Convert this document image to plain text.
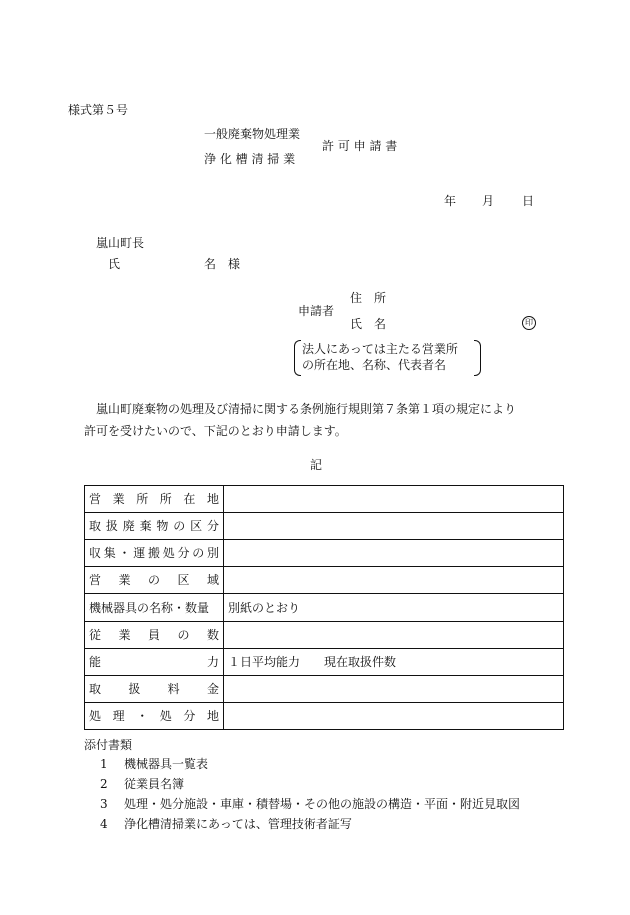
様式第５号
一般廃棄物処理業
浄 化 槽 清 掃 業
許 可 申 請 書
年 月 日
嵐山町長
氏	名 様
申請者
住　所
氏　名	印
法人にあっては主たる営業所
の所在地、名称、代表者名
嵐山町廃棄物の処理及び清掃に関する条例施行規則第７条第１項の規定により
許可を受けたいので、下記のとおり申請します。
記
営業所所在地	
取扱廃棄物の区分	
収集・運搬処分の別	
営業の区域	
機械器具の名称・数量	別紙のとおり
従業員の数	
能力	１日平均能力　　現在取扱件数
取扱料金	
処理・処分地	
添付書類
1 機械器具一覧表
2 従業員名簿
3 処理・処分施設・車庫・積替場・その他の施設の構造・平面・附近見取図
4 浄化槽清掃業にあっては、管理技術者証写
